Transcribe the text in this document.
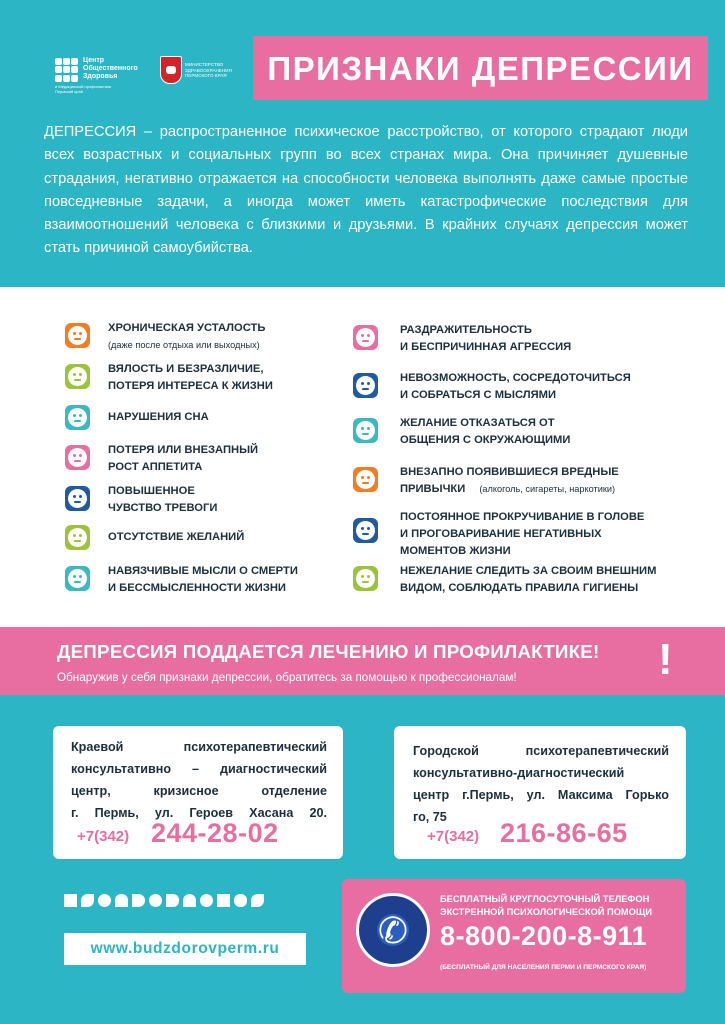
Центр
Общественного
Здоровья
и Медицинской профилактики
Пермский край
МИНИСТЕРСТВО
ЗДРАВООХРАНЕНИЯ
ПЕРМСКОГО КРАЯ	ПРИЗНАКИ ДЕПРЕССИИ
ДЕПРЕССИЯ – распространенное психическое расстройство, от которого страдают люди всех возрастных и социальных групп во всех странах мира. Она причиняет душевные страдания, негативно отражается на способности человека выполнять даже самые простые повседневные задачи, а иногда может иметь катастрофические последствия для взаимоотношений человека с близкими и друзьями. В крайних случаях депрессия может стать причиной самоубийства.
ХРОНИЧЕСКАЯ УСТАЛОСТЬ
(даже после отдыха или выходных)
ВЯЛОСТЬ И БЕЗРАЗЛИЧИЕ,
ПОТЕРЯ ИНТЕРЕСА К ЖИЗНИ
НАРУШЕНИЯ СНА
ПОТЕРЯ ИЛИ ВНЕЗАПНЫЙ
РОСТ АППЕТИТА
ПОВЫШЕННОЕ
ЧУВСТВО ТРЕВОГИ
ОТСУТСТВИЕ ЖЕЛАНИЙ
НАВЯЗЧИВЫЕ МЫСЛИ О СМЕРТИ
И БЕССМЫСЛЕННОСТИ ЖИЗНИ
РАЗДРАЖИТЕЛЬНОСТЬ
И БЕСПРИЧИННАЯ АГРЕССИЯ
НЕВОЗМОЖНОСТЬ, СОСРЕДОТОЧИТЬСЯ
И СОБРАТЬСЯ С МЫСЛЯМИ
ЖЕЛАНИЕ ОТКАЗАТЬСЯ ОТ
ОБЩЕНИЯ С ОКРУЖАЮЩИМИ
ВНЕЗАПНО ПОЯВИВШИЕСЯ ВРЕДНЫЕ
ПРИВЫЧКИ (алкоголь, сигареты, наркотики)
ПОСТОЯННОЕ ПРОКРУЧИВАНИЕ В ГОЛОВЕ
И ПРОГОВАРИВАНИЕ НЕГАТИВНЫХ
МОМЕНТОВ ЖИЗНИ
НЕЖЕЛАНИЕ СЛЕДИТЬ ЗА СВОИМ ВНЕШНИМ
ВИДОМ, СОБЛЮДАТЬ ПРАВИЛА ГИГИЕНЫ
ДЕПРЕССИЯ ПОДДАЕТСЯ ЛЕЧЕНИЮ И ПРОФИЛАКТИКЕ!
Обнаружив у себя признаки депрессии, обратитесь за помощью к профессионалам!	!
Краевой психотерапевтический
консультативно – диагностический
центр, кризисное отделение
г. Пермь, ул. Героев Хасана 20.
+7(342) 244-28-02
Городской психотерапевтический
консультативно-диагностический
центр г.Пермь, ул. Максима Горько
го, 75
+7(342) 216-86-65
www.budzdorovperm.ru	✆
БЕСПЛАТНЫЙ КРУГЛОСУТОЧНЫЙ ТЕЛЕФОН
ЭКСТРЕННОЙ ПСИХОЛОГИЧЕСКОЙ ПОМОЩИ
8-800-200-8-911
(БЕСПЛАТНЫЙ ДЛЯ НАСЕЛЕНИЯ ПЕРМИ И ПЕРМСКОГО КРАЯ)
